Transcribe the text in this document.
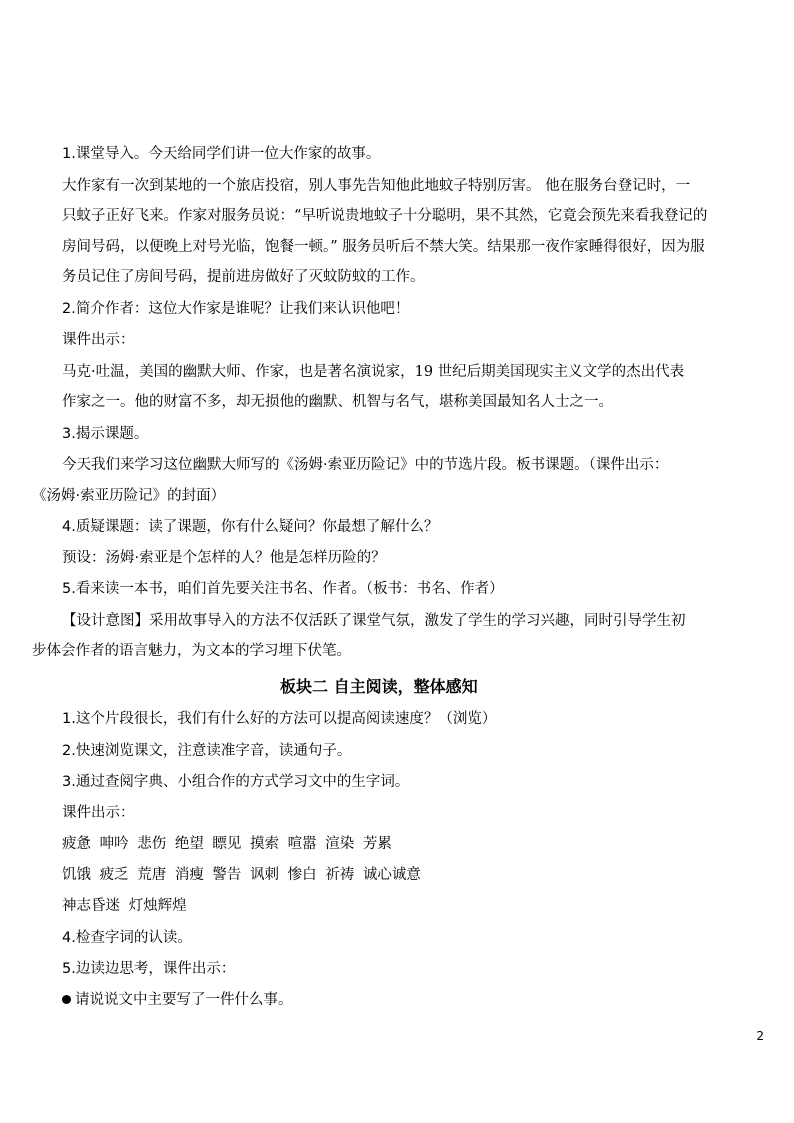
1.课堂导入。今天给同学们讲一位大作家的故事。
大作家有一次到某地的一个旅店投宿，别人事先告知他此地蚊子特别厉害。 他在服务台登记时，一
只蚊子正好飞来。作家对服务员说：“早听说贵地蚊子十分聪明，果不其然，它竟会预先来看我登记的
房间号码，以便晚上对号光临，饱餐一顿。” 服务员听后不禁大笑。结果那一夜作家睡得很好，因为服
务员记住了房间号码，提前进房做好了灭蚊防蚊的工作。
2.简介作者：这位大作家是谁呢？让我们来认识他吧！
课件出示：
马克·吐温，美国的幽默大师、作家，也是著名演说家，19 世纪后期美国现实主义文学的杰出代表
作家之一。他的财富不多，却无损他的幽默、机智与名气，堪称美国最知名人士之一。
3.揭示课题。
今天我们来学习这位幽默大师写的《汤姆·索亚历险记》中的节选片段。板书课题。（课件出示：
《汤姆·索亚历险记》的封面）
4.质疑课题：读了课题，你有什么疑问？你最想了解什么？
预设：汤姆·索亚是个怎样的人？他是怎样历险的？
5.看来读一本书，咱们首先要关注书名、作者。（板书：书名、作者）
【设计意图】采用故事导入的方法不仅活跃了课堂气氛，激发了学生的学习兴趣，同时引导学生初
步体会作者的语言魅力，为文本的学习埋下伏笔。
板块二 自主阅读，整体感知
1.这个片段很长，我们有什么好的方法可以提高阅读速度？（浏览）
2.快速浏览课文，注意读准字音，读通句子。
3.通过查阅字典、小组合作的方式学习文中的生字词。
课件出示：
疲惫 呻吟 悲伤 绝望 瞟见 摸索 喧嚣 渲染 芳累
饥饿 疲乏 荒唐 消瘦 警告 讽刺 惨白 祈祷 诚心诚意
神志昏迷 灯烛辉煌
4.检查字词的认读。
5.边读边思考，课件出示：
请说说文中主要写了一件什么事。
2
